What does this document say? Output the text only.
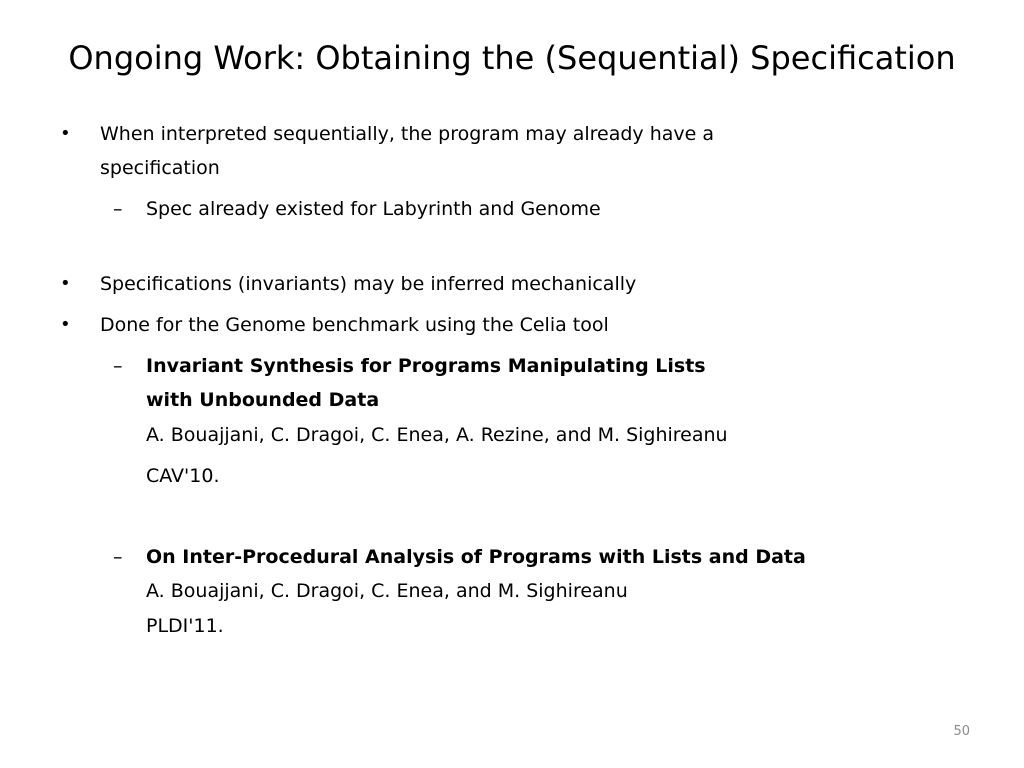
Ongoing Work: Obtaining the (Sequential) Specification
• When interpreted sequentially, the program may already have a
specification
– Spec already existed for Labyrinth and Genome
• Specifications (invariants) may be inferred mechanically
• Done for the Genome benchmark using the Celia tool
– Invariant Synthesis for Programs Manipulating Lists
with Unbounded Data
A. Bouajjani, C. Dragoi, C. Enea, A. Rezine, and M. Sighireanu
CAV'10.
– On Inter-Procedural Analysis of Programs with Lists and Data
A. Bouajjani, C. Dragoi, C. Enea, and M. Sighireanu
PLDI'11.
50
